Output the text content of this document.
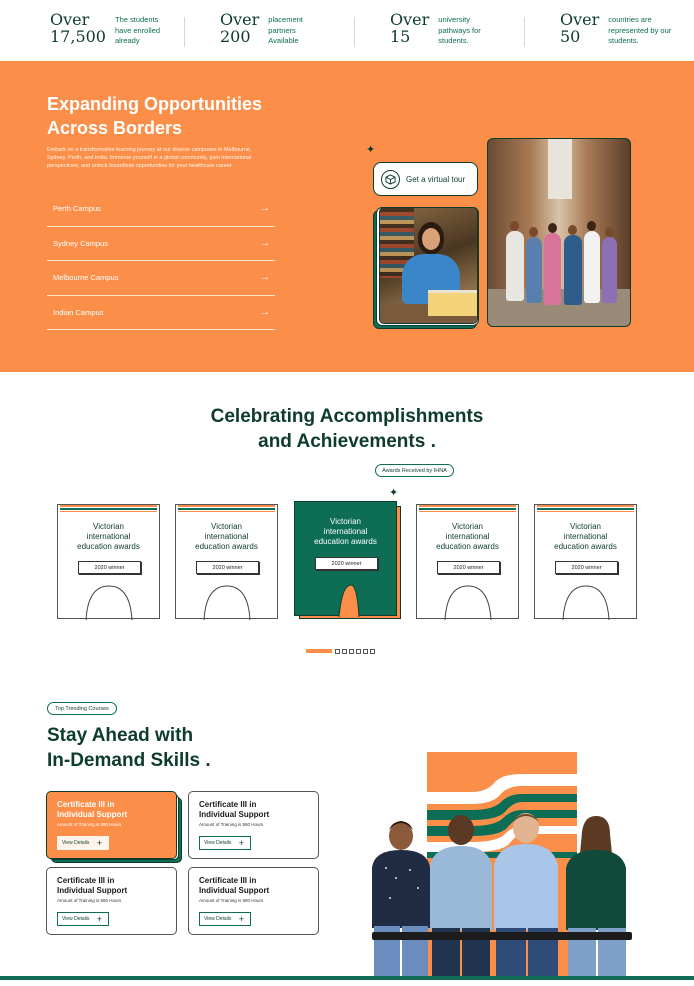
Over
17,500
The students
have enrolled
already
Over
200
placement
partners
Available
Over
15
university
pathways for
students.
Over
50
countries are
represented by our
students.
Expanding Opportunities
Across Borders

Embark on a transformative learning journey at our diverse campuses in Melbourne, Sydney, Perth, and India. Immerse yourself in a global community, gain international perspectives, and unlock boundless opportunities for your healthcare career.

Perth Campus	→
Sydney Campus	→
Melbourne Campus	→
Indian Campus	→
✦
Get a virtual tour
Celebrating Accomplishments
and Achievements .
Awards Received by IHNA
✦
Victorian
international
education awards
2020 winner
Victorian
international
education awards
2020 winner
Victorian
international
education awards
2020 winner
Victorian
international
education awards
2020 winner
Victorian
international
education awards
2020 winner
Top Trending Courses
Stay Ahead with
In-Demand Skills .
Certificate III in
Individual Support
Amount of Training is 580 Hours
View Details +
Certificate III in
Individual Support
Amount of Training is 580 Hours
View Details +
Certificate III in
Individual Support
Amount of Training is 580 Hours
View Details +
Certificate III in
Individual Support
Amount of Training is 580 Hours
View Details +
